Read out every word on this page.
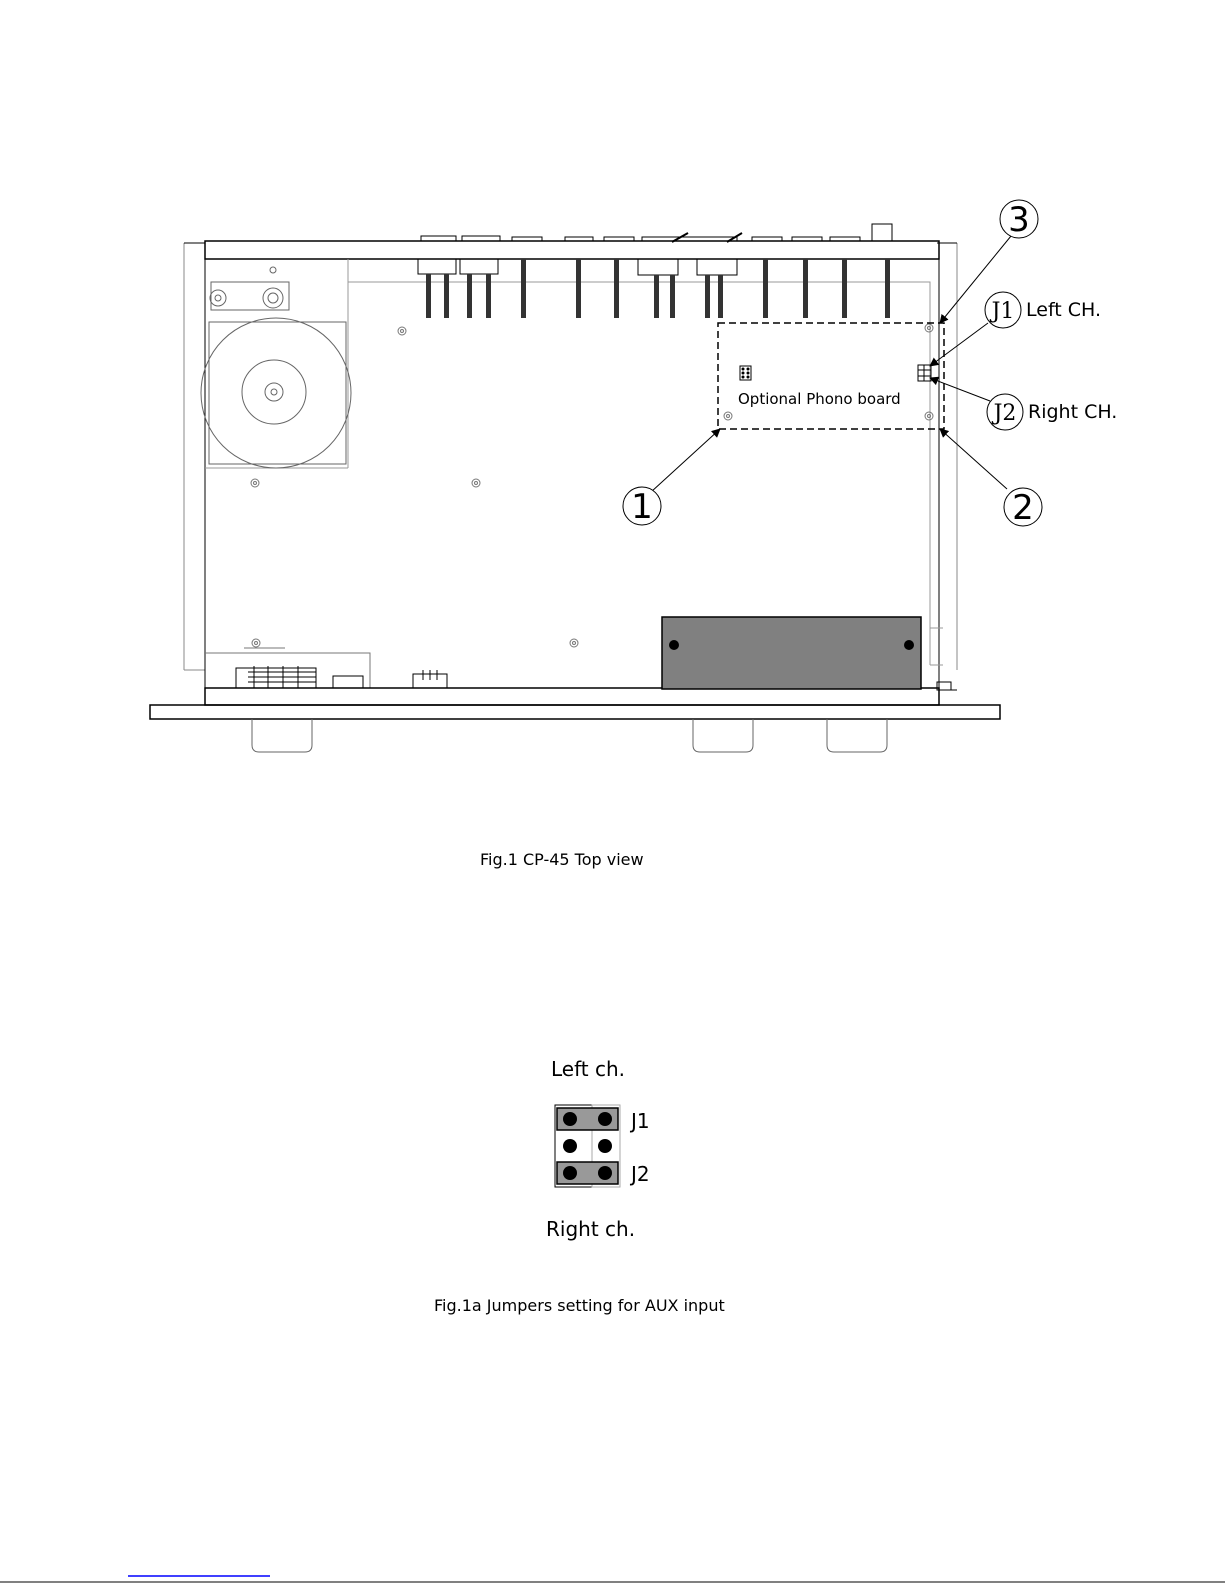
Optional Phono board
1	2
3
J1 Left CH.
J2 Right CH.
Fig.1 CP-45 Top view
Left ch.
J1
J2
Right ch.
Fig.1a Jumpers setting for AUX input
